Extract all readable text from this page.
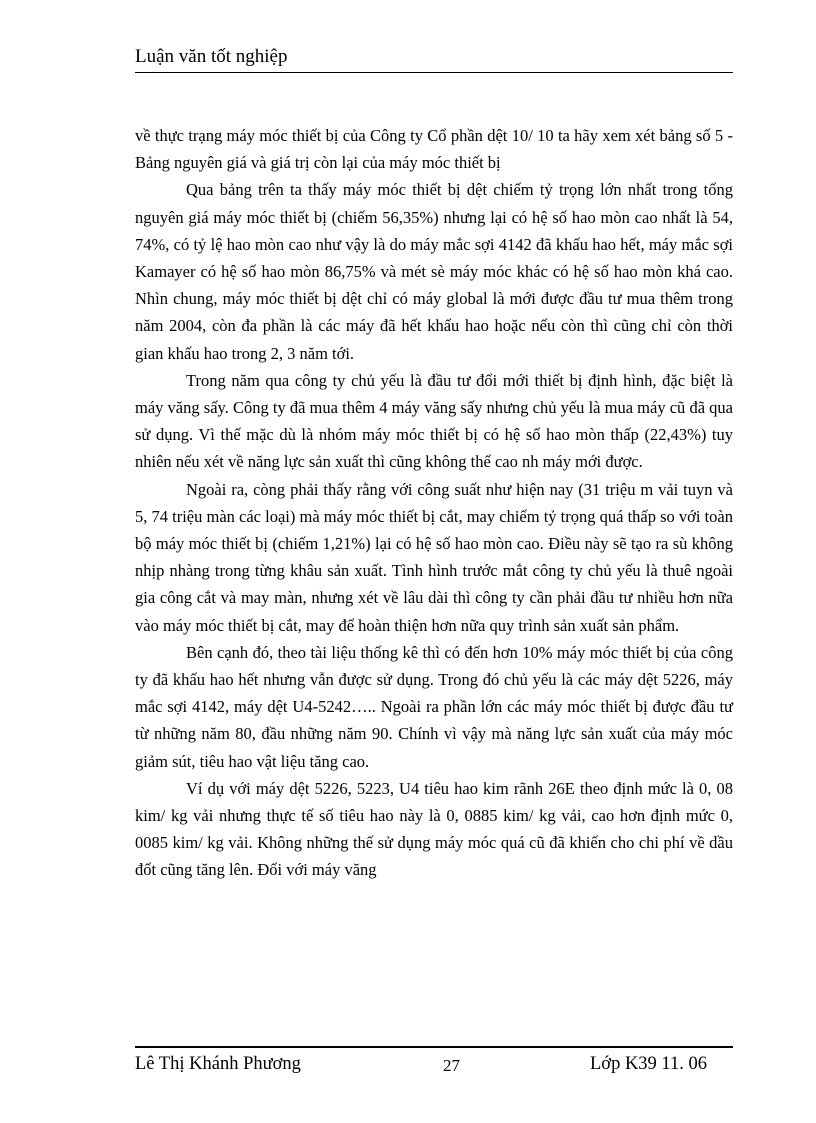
Luận văn tốt nghiệp

về thực trạng máy móc thiết bị của Công ty Cổ phần dệt 10/ 10 ta hãy xem xét bảng số 5 - Bảng nguyên giá và giá trị còn lại của máy móc thiết bị

Qua bảng trên ta thấy máy móc thiết bị dệt chiếm tỷ trọng lớn nhất trong tổng nguyên giá máy móc thiết bị (chiếm 56,35%) nhưng lại có hệ số hao mòn cao nhất là 54, 74%, có tỷ lệ hao mòn cao như vậy là do máy mắc sợi 4142 đã khấu hao hết, máy mắc sợi Kamayer có hệ số hao mòn 86,75% và mét sè máy móc khác có hệ số hao mòn khá cao. Nhìn chung, máy móc thiết bị dệt chỉ có máy global là mới được đầu tư mua thêm trong năm 2004, còn đa phần là các máy đã hết khấu hao hoặc nếu còn thì cũng chỉ còn thời gian khấu hao trong 2, 3 năm tới.

Trong năm qua công ty chủ yếu là đầu tư đổi mới thiết bị định hình, đặc biệt là máy văng sấy. Công ty đã mua thêm 4 máy văng sấy nhưng chủ yếu là mua máy cũ đã qua sử dụng. Vì thế mặc dù là nhóm máy móc thiết bị có hệ số hao mòn thấp (22,43%) tuy nhiên nếu xét về năng lực sản xuất thì cũng không thể cao nh máy mới được.

Ngoài ra, còng phải thấy rằng với công suất như hiện nay (31 triệu m vải tuyn và 5, 74 triệu màn các loại) mà máy móc thiết bị cắt, may chiếm tỷ trọng quá thấp so với toàn bộ máy móc thiết bị (chiếm 1,21%) lại có hệ số hao mòn cao. Điều này sẽ tạo ra sù không nhịp nhàng trong từng khâu sản xuất. Tình hình trước mắt công ty chủ yếu là thuê ngoài gia công cắt và may màn, nhưng xét về lâu dài thì công ty cần phải đầu tư nhiều hơn nữa vào máy móc thiết bị cắt, may để hoàn thiện hơn nữa quy trình sản xuất sản phẩm.

Bên cạnh đó, theo tài liệu thống kê thì có đến hơn 10% máy móc thiết bị của công ty đã khấu hao hết nhưng vẫn được sử dụng. Trong đó chủ yếu là các máy dệt 5226, máy mắc sợi 4142, máy dệt U4-5242….. Ngoài ra phần lớn các máy móc thiết bị được đầu tư từ những năm 80, đầu những năm 90. Chính vì vậy mà năng lực sản xuất của máy móc giảm sút, tiêu hao vật liệu tăng cao.

Ví dụ với máy dệt 5226, 5223, U4 tiêu hao kim rãnh 26E theo định mức là 0, 08 kim/ kg vải nhưng thực tế số tiêu hao này là 0, 0885 kim/ kg vải, cao hơn định mức 0, 0085 kim/ kg vải. Không những thế sử dụng máy móc quá cũ đã khiến cho chi phí về dầu đốt cũng tăng lên. Đối với máy văng

Lê Thị Khánh Phương	27	Lớp K39 11. 06
